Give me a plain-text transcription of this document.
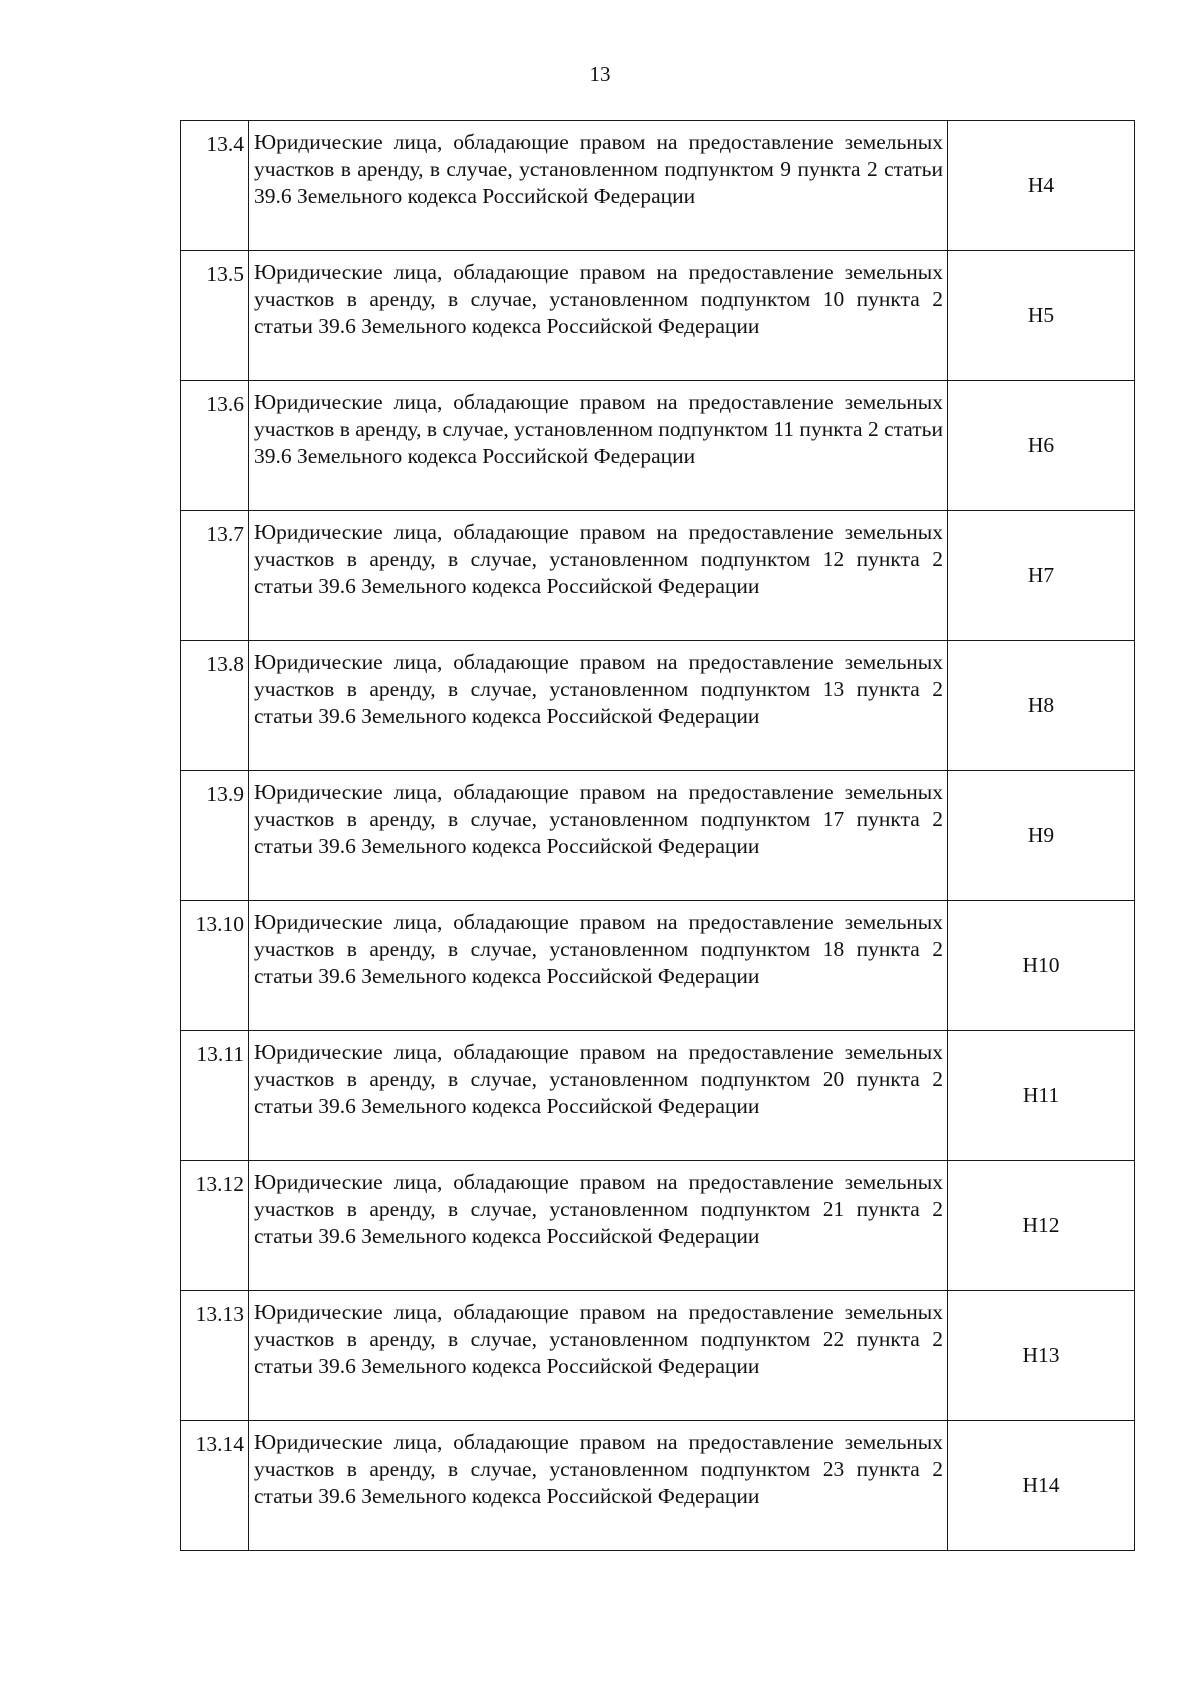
13
13.4	Юридические лица, обладающие правом на предоставление земельных участков в аренду, в случае, установленном подпунктом 9 пункта 2 статьи 39.6 Земельного кодекса Российской Федерации	Н4
13.5	Юридические лица, обладающие правом на предоставление земельных участков в аренду, в случае, установленном подпунктом 10 пункта 2 статьи 39.6 Земельного кодекса Российской Федерации	Н5
13.6	Юридические лица, обладающие правом на предоставление земельных участков в аренду, в случае, установленном подпунктом 11 пункта 2 статьи 39.6 Земельного кодекса Российской Федерации	Н6
13.7	Юридические лица, обладающие правом на предоставление земельных участков в аренду, в случае, установленном подпунктом 12 пункта 2 статьи 39.6 Земельного кодекса Российской Федерации	Н7
13.8	Юридические лица, обладающие правом на предоставление земельных участков в аренду, в случае, установленном подпунктом 13 пункта 2 статьи 39.6 Земельного кодекса Российской Федерации	Н8
13.9	Юридические лица, обладающие правом на предоставление земельных участков в аренду, в случае, установленном подпунктом 17 пункта 2 статьи 39.6 Земельного кодекса Российской Федерации	Н9
13.10	Юридические лица, обладающие правом на предоставление земельных участков в аренду, в случае, установленном подпунктом 18 пункта 2 статьи 39.6 Земельного кодекса Российской Федерации	Н10
13.11	Юридические лица, обладающие правом на предоставление земельных участков в аренду, в случае, установленном подпунктом 20 пункта 2 статьи 39.6 Земельного кодекса Российской Федерации	Н11
13.12	Юридические лица, обладающие правом на предоставление земельных участков в аренду, в случае, установленном подпунктом 21 пункта 2 статьи 39.6 Земельного кодекса Российской Федерации	Н12
13.13	Юридические лица, обладающие правом на предоставление земельных участков в аренду, в случае, установленном подпунктом 22 пункта 2 статьи 39.6 Земельного кодекса Российской Федерации	Н13
13.14	Юридические лица, обладающие правом на предоставление земельных участков в аренду, в случае, установленном подпунктом 23 пункта 2 статьи 39.6 Земельного кодекса Российской Федерации	Н14
